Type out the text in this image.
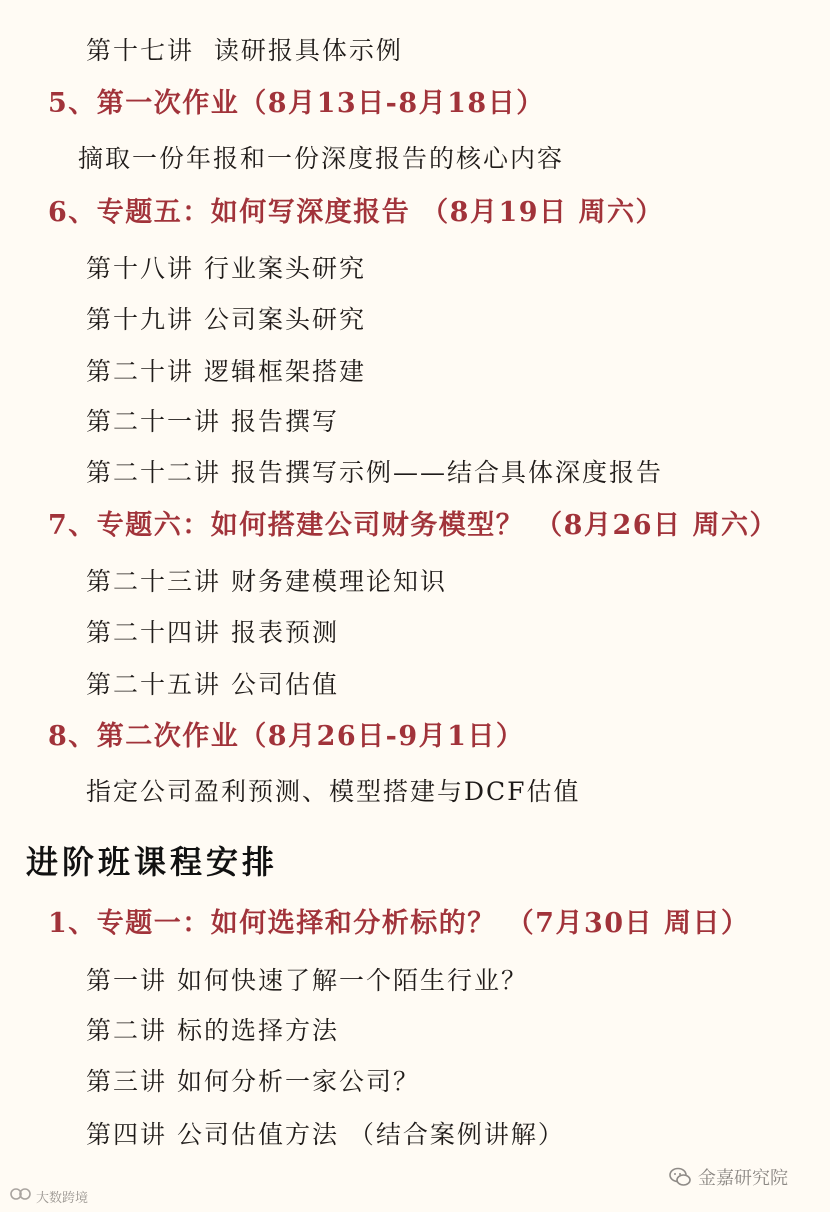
第十七讲  读研报具体示例
5、第一次作业（8月13日-8月18日）
摘取一份年报和一份深度报告的核心内容
6、专题五：如何写深度报告 （8月19日 周六）
第十八讲 行业案头研究
第十九讲 公司案头研究
第二十讲 逻辑框架搭建
第二十一讲 报告撰写
第二十二讲 报告撰写示例——结合具体深度报告
7、专题六：如何搭建公司财务模型？ （8月26日 周六）
第二十三讲 财务建模理论知识
第二十四讲 报表预测
第二十五讲 公司估值
8、第二次作业（8月26日-9月1日）
指定公司盈利预测、模型搭建与DCF估值
进阶班课程安排
1、专题一：如何选择和分析标的？ （7月30日 周日）
第一讲 如何快速了解一个陌生行业？
第二讲 标的选择方法
第三讲 如何分析一家公司？
第四讲 公司估值方法 （结合案例讲解）
大数跨境
金嘉研究院
